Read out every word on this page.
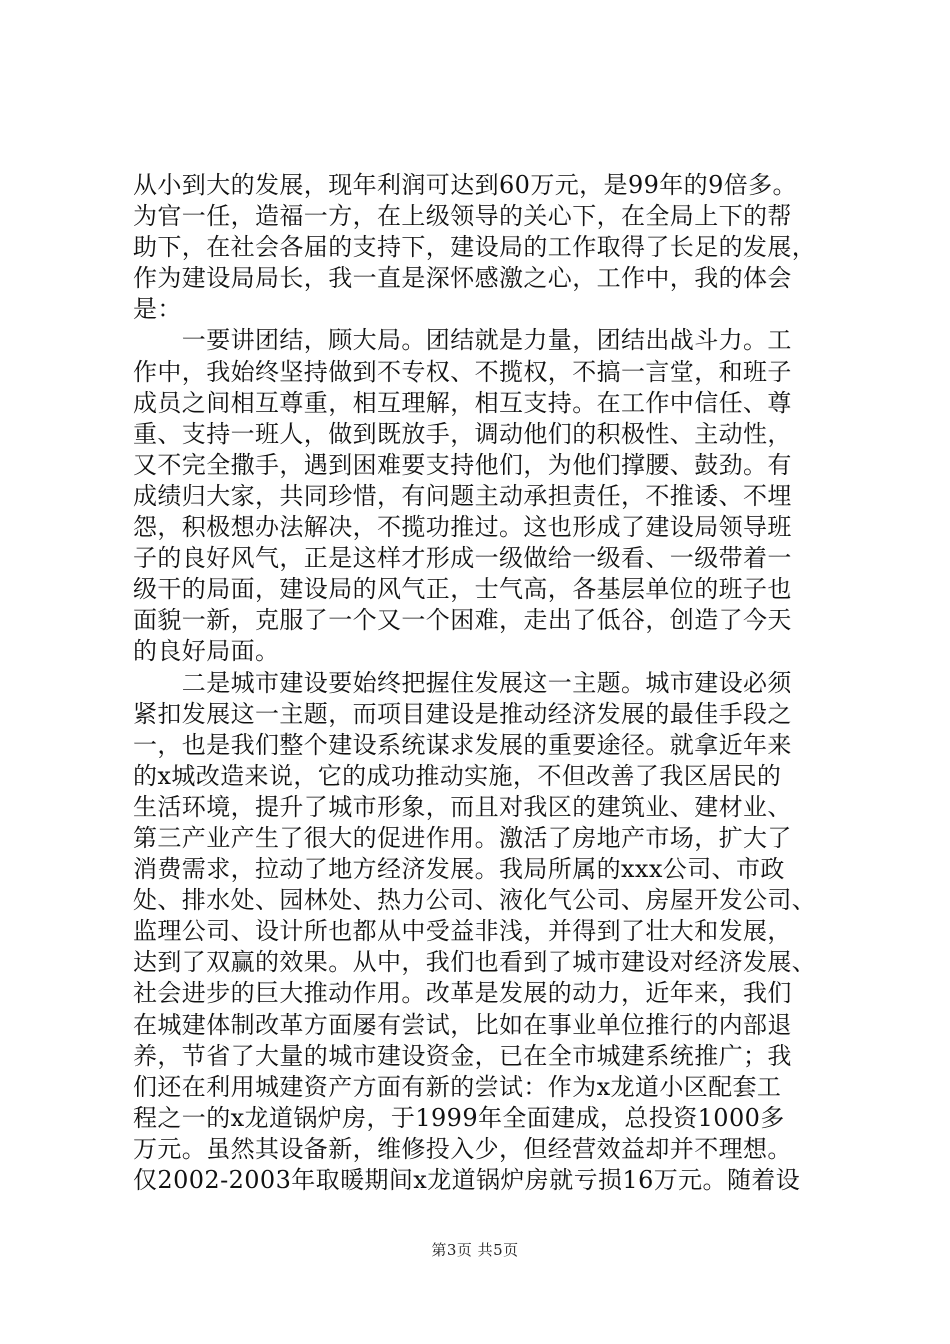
从小到大的发展，现年利润可达到60万元，是99年的9倍多。
为官一任，造福一方，在上级领导的关心下，在全局上下的帮
助下，在社会各届的支持下，建设局的工作取得了长足的发展，
作为建设局局长，我一直是深怀感激之心，工作中，我的体会
是：
　　一要讲团结，顾大局。团结就是力量，团结出战斗力。工
作中，我始终坚持做到不专权、不揽权，不搞一言堂，和班子
成员之间相互尊重，相互理解，相互支持。在工作中信任、尊
重、支持一班人，做到既放手，调动他们的积极性、主动性，
又不完全撒手，遇到困难要支持他们，为他们撑腰、鼓劲。有
成绩归大家，共同珍惜，有问题主动承担责任，不推诿、不埋
怨，积极想办法解决，不揽功推过。这也形成了建设局领导班
子的良好风气，正是这样才形成一级做给一级看、一级带着一
级干的局面，建设局的风气正，士气高，各基层单位的班子也
面貌一新，克服了一个又一个困难，走出了低谷，创造了今天
的良好局面。
　　二是城市建设要始终把握住发展这一主题。城市建设必须
紧扣发展这一主题，而项目建设是推动经济发展的最佳手段之
一，也是我们整个建设系统谋求发展的重要途径。就拿近年来
的x城改造来说，它的成功推动实施，不但改善了我区居民的
生活环境，提升了城市形象，而且对我区的建筑业、建材业、
第三产业产生了很大的促进作用。激活了房地产市场，扩大了
消费需求，拉动了地方经济发展。我局所属的xxx公司、市政
处、排水处、园林处、热力公司、液化气公司、房屋开发公司、
监理公司、设计所也都从中受益非浅，并得到了壮大和发展，
达到了双赢的效果。从中，我们也看到了城市建设对经济发展、
社会进步的巨大推动作用。改革是发展的动力，近年来，我们
在城建体制改革方面屡有尝试，比如在事业单位推行的内部退
养，节省了大量的城市建设资金，已在全市城建系统推广；我
们还在利用城建资产方面有新的尝试：作为x龙道小区配套工
程之一的x龙道锅炉房，于1999年全面建成，总投资1000多
万元。虽然其设备新，维修投入少，但经营效益却并不理想。
仅2002-2003年取暖期间x龙道锅炉房就亏损16万元。随着设
第3页 共5页
